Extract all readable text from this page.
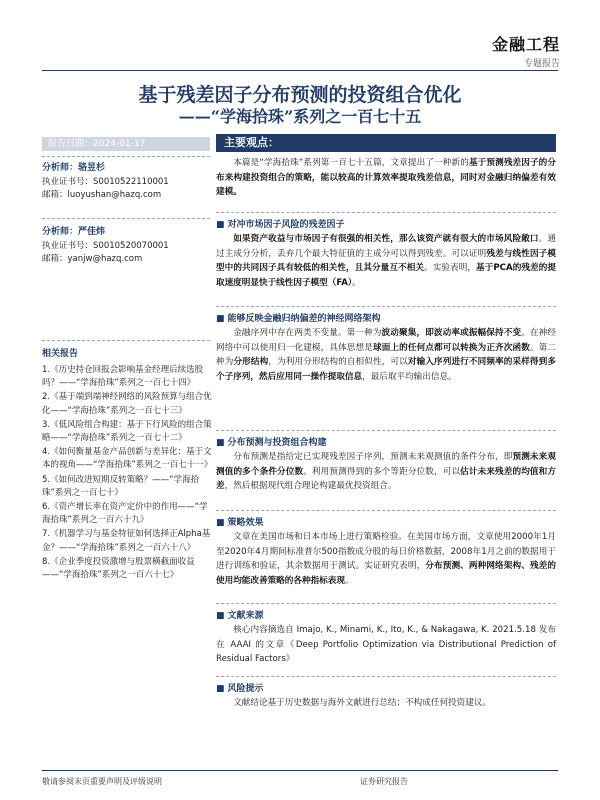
金融工程
专题报告
基于残差因子分布预测的投资组合优化
——“学海拾珠”系列之一百七十五
报告日期：2024-01-17	主要观点：
分析师：骆昱杉
执业证书号：S0010522110001
邮箱：luoyushan@hazq.com
分析师：严佳炜
执业证书号：S0010520070001
邮箱：yanjw@hazq.com
相关报告

1.《历史持仓回报会影响基金经理后续选股吗？——“学海拾珠”系列之一百七十四》

2.《基于端到端神经网络的风险预算与组合优化——“学海拾珠”系列之一百七十三》

3.《低风险组合构建：基于下行风险的组合策略——“学海拾珠”系列之一百七十二》

4.《如何衡量基金产品创新与差异化：基于文本的视角——“学海拾珠”系列之一百七十一》

5.《如何改进短期反转策略？——“学海拾珠”系列之一百七十》

6.《资产增长率在资产定价中的作用——“学海拾珠”系列之一百六十九》

7.《机器学习与基金特征如何选择正Alpha基金？——“学海拾珠”系列之一百六十八》

8.《企业季度投资激增与股票横截面收益——“学海拾珠”系列之一百六十七》

本篇是“学海拾珠”系列第一百七十五篇，文章提出了一种新的基于预测残差因子的分布来构建投资组合的策略，能以较高的计算效率提取残差信息，同时对金融归纳偏差有效建模。

■ 对冲市场因子风险的残差因子

如果资产收益与市场因子有很强的相关性，那么该资产就有很大的市场风险敞口。通过主成分分析，丢弃几个最大特征值的主成分可以得到残差。可以证明残差与线性因子模型中的共同因子具有较低的相关性，且其分量互不相关。实验表明，基于PCA的残差的提取速度明显快于线性因子模型（FA）。

■ 能够反映金融归纳偏差的神经网络架构

金融序列中存在两类不变量。第一种为波动聚集，即波动率或振幅保持不变。在神经网络中可以使用归一化建模，具体思想是球面上的任何点都可以转换为正齐次函数。第二种为分形结构，为利用分形结构的自相似性，可以对输入序列进行不同频率的采样得到多个子序列，然后应用同一操作提取信息，最后取平均输出信息。

■ 分布预测与投资组合构建

分布预测是指给定已实现残差因子序列，预测未来观测值的条件分布，即预测未来观测值的多个条件分位数。利用预测得到的多个等距分位数，可以估计未来残差的均值和方差，然后根据现代组合理论构建最优投资组合。

■ 策略效果

文章在美国市场和日本市场上进行策略检验。在美国市场方面，文章使用2000年1月至2020年4月期间标准普尔500指数成分股的每日价格数据，2008年1月之前的数据用于进行训练和验证，其余数据用于测试。实证研究表明，分布预测、两种网络架构、残差的使用均能改善策略的各种指标表现。

■ 文献来源

核心内容摘选自 Imajo, K., Minami, K., Ito, K., & Nakagawa, K. 2021.5.18 发布在 AAAI 的文章《Deep Portfolio Optimization via Distributional Prediction of Residual Factors》

■ 风险提示

文献结论基于历史数据与海外文献进行总结；不构成任何投资建议。

敬请参阅末页重要声明及评级说明	证券研究报告
